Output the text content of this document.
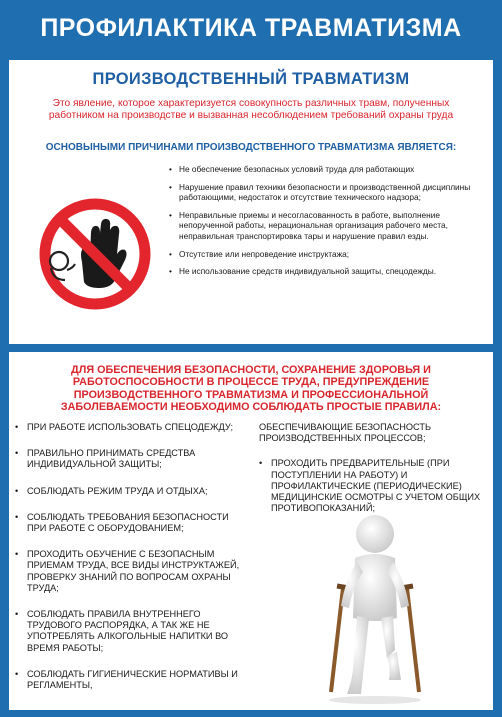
ПРОФИЛАКТИКА ТРАВМАТИЗМА
ПРОИЗВОДСТВЕННЫЙ ТРАВМАТИЗМ
Это явление, которое характеризуется совокупность различных травм, полученных работником на производстве и вызванная несоблюдением требований охраны труда
ОСНОВЫНЫМИ ПРИЧИНАМИ ПРОИЗВОДСТВЕННОГО ТРАВМАТИЗМА ЯВЛЯЕТСЯ:
• Не обеспечение безопасных условий труда для работающих
• Нарушение правил техники безопасности и производственной дисциплины работающими, недостаток и отсутствие технического надзора;
• Неправильные приемы и несогласованность в работе, выполнение непорученной работы, нерациональная организация рабочего места, неправильная транспортировка тары и нарушение правил езды.
• Отсутствие или непроведение инструктажа;
• Не использование средств индивидуальной защиты, спецодежды.
ДЛЯ ОБЕСПЕЧЕНИЯ БЕЗОПАСНОСТИ, СОХРАНЕНИЕ ЗДОРОВЬЯ И РАБОТОСПОСОБНОСТИ В ПРОЦЕССЕ ТРУДА, ПРЕДУПРЕЖДЕНИЕ ПРОИЗВОДСТВЕННОГО ТРАВМАТИЗМА И ПРОФЕССИОНАЛЬНОЙ ЗАБОЛЕВАЕМОСТИ НЕОБХОДИМО СОБЛЮДАТЬ ПРОСТЫЕ ПРАВИЛА:
• ПРИ РАБОТЕ ИСПОЛЬЗОВАТЬ СПЕЦОДЕЖДУ;
• ПРАВИЛЬНО ПРИНИМАТЬ СРЕДСТВА ИНДИВИДУАЛЬНОЙ ЗАЩИТЫ;
• СОБЛЮДАТЬ РЕЖИМ ТРУДА И ОТДЫХА;
• СОБЛЮДАТЬ ТРЕБОВАНИЯ БЕЗОПАСНОСТИ ПРИ РАБОТЕ С ОБОРУДОВАНИЕМ;
• ПРОХОДИТЬ ОБУЧЕНИЕ С БЕЗОПАСНЫМ ПРИЕМАМ ТРУДА, ВСЕ ВИДЫ ИНСТРУКТАЖЕЙ, ПРОВЕРКУ ЗНАНИЙ ПО ВОПРОСАМ ОХРАНЫ ТРУДА;
• СОБЛЮДАТЬ ПРАВИЛА ВНУТРЕННЕГО ТРУДОВОГО РАСПОРЯДКА, А ТАК ЖЕ НЕ УПОТРЕБЛЯТЬ АЛКОГОЛЬНЫЕ НАПИТКИ ВО ВРЕМЯ РАБОТЫ;
• СОБЛЮДАТЬ ГИГИЕНИЧЕСКИЕ НОРМАТИВЫ И РЕГЛАМЕНТЫ,
ОБЕСПЕЧИВАЮЩИЕ БЕЗОПАСНОСТЬ ПРОИЗВОДСТВЕННЫХ ПРОЦЕССОВ;
• ПРОХОДИТЬ ПРЕДВАРИТЕЛЬНЫЕ (ПРИ ПОСТУПЛЕНИИ НА РАБОТУ) И ПРОФИЛАКТИЧЕСКИЕ (ПЕРИОДИЧЕСКИЕ) МЕДИЦИНСКИЕ ОСМОТРЫ С УЧЕТОМ ОБЩИХ ПРОТИВОПОКАЗАНИЙ;
